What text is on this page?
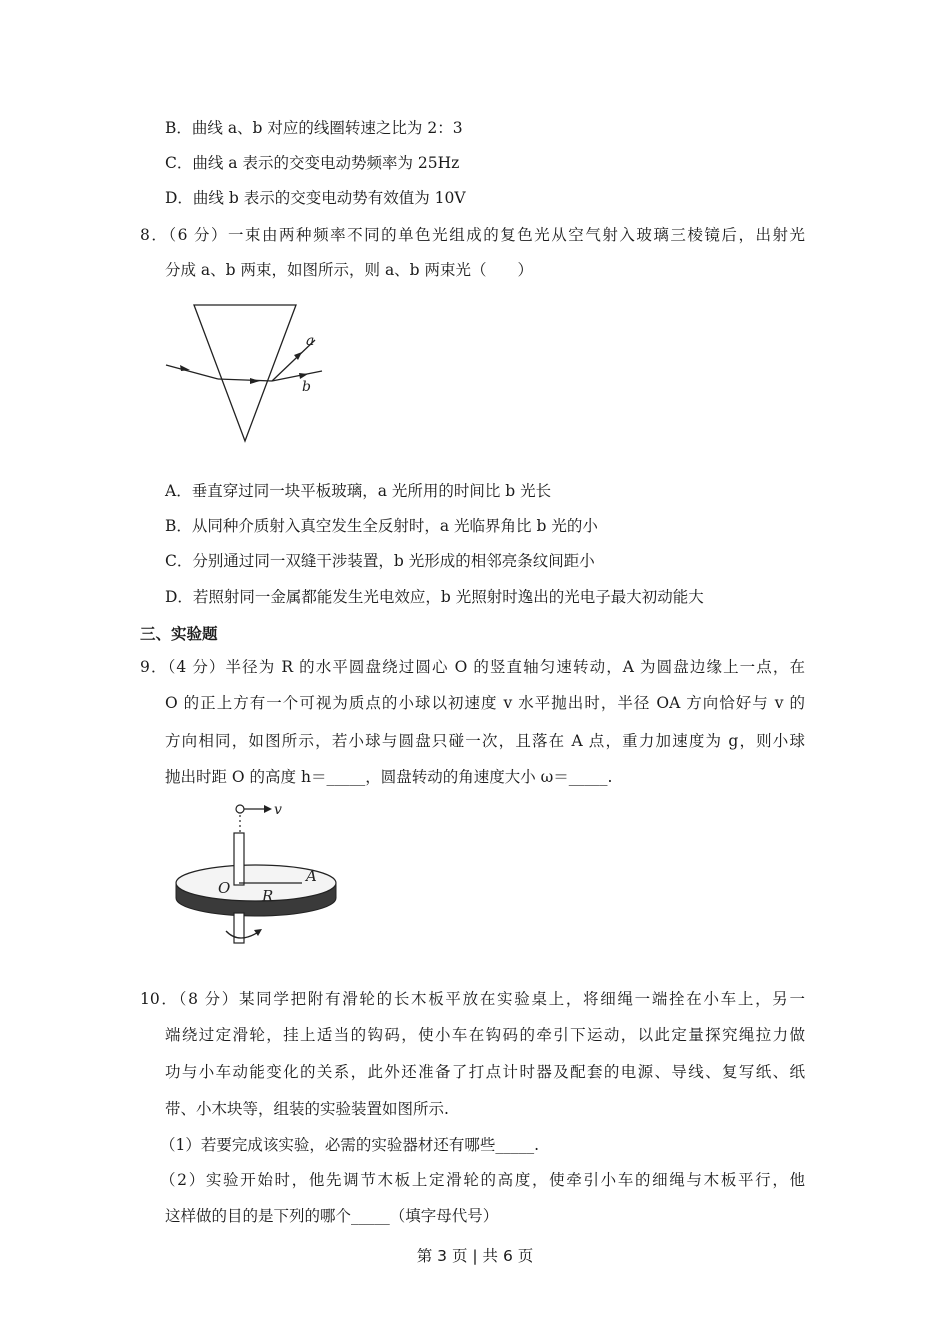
B．曲线 a、b 对应的线圈转速之比为 2：3
C．曲线 a 表示的交变电动势频率为 25Hz
D．曲线 b 表示的交变电动势有效值为 10V
8．（6 分）一束由两种频率不同的单色光组成的复色光从空气射入玻璃三棱镜后，出射光
分成 a、b 两束，如图所示，则 a、b 两束光（　　）
a
b
A．垂直穿过同一块平板玻璃，a 光所用的时间比 b 光长
B．从同种介质射入真空发生全反射时，a 光临界角比 b 光的小
C．分别通过同一双缝干涉装置，b 光形成的相邻亮条纹间距小
D．若照射同一金属都能发生光电效应，b 光照射时逸出的光电子最大初动能大
三、实验题
9．（4 分）半径为 R 的水平圆盘绕过圆心 O 的竖直轴匀速转动，A 为圆盘边缘上一点，在
O 的正上方有一个可视为质点的小球以初速度 v 水平抛出时，半径 OA 方向恰好与 v 的
方向相同，如图所示，若小球与圆盘只碰一次，且落在 A 点，重力加速度为 g，则小球
抛出时距 O 的高度 h＝_____，圆盘转动的角速度大小 ω＝_____.
v
O
A
R
10．（8 分）某同学把附有滑轮的长木板平放在实验桌上，将细绳一端拴在小车上，另一
端绕过定滑轮，挂上适当的钩码，使小车在钩码的牵引下运动，以此定量探究绳拉力做
功与小车动能变化的关系，此外还准备了打点计时器及配套的电源、导线、复写纸、纸
带、小木块等，组装的实验装置如图所示.
（1）若要完成该实验，必需的实验器材还有哪些_____.
（2）实验开始时，他先调节木板上定滑轮的高度，使牵引小车的细绳与木板平行，他
这样做的目的是下列的哪个_____（填字母代号）
第 3 页 | 共 6 页
